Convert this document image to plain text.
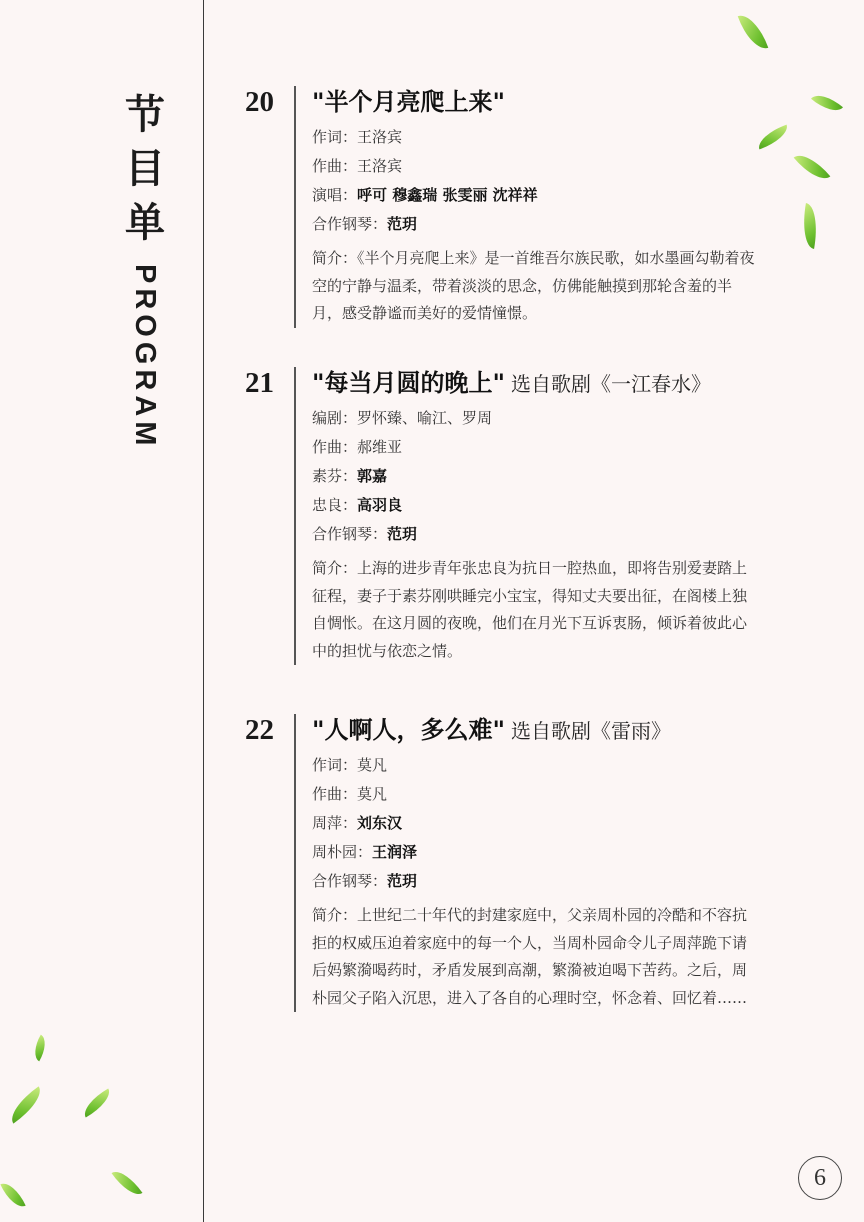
节
目
单
PROGRAM
20	"半个月亮爬上来"
作词：王洛宾
作曲：王洛宾
演唱：呼可 穆鑫瑞 张雯丽 沈祥祥
合作钢琴：范玥
简介：《半个月亮爬上来》是一首维吾尔族民歌，如水墨画勾勒着夜空的宁静与温柔，带着淡淡的思念，仿佛能触摸到那轮含羞的半月，感受静谧而美好的爱情憧憬。
21	"每当月圆的晚上" 选自歌剧《一江春水》
编剧：罗怀臻、喻江、罗周
作曲：郝维亚
素芬：郭嘉
忠良：高羽良
合作钢琴：范玥
简介：上海的进步青年张忠良为抗日一腔热血，即将告别爱妻踏上征程，妻子于素芬刚哄睡完小宝宝，得知丈夫要出征，在阁楼上独自惆怅。在这月圆的夜晚，他们在月光下互诉衷肠，倾诉着彼此心中的担忧与依恋之情。
22	"人啊人，多么难" 选自歌剧《雷雨》
作词：莫凡
作曲：莫凡
周萍：刘东汉
周朴园：王润泽
合作钢琴：范玥
简介：上世纪二十年代的封建家庭中，父亲周朴园的冷酷和不容抗拒的权威压迫着家庭中的每一个人，当周朴园命令儿子周萍跪下请后妈繁漪喝药时，矛盾发展到高潮，繁漪被迫喝下苦药。之后，周朴园父子陷入沉思，进入了各自的心理时空，怀念着、回忆着……
6
